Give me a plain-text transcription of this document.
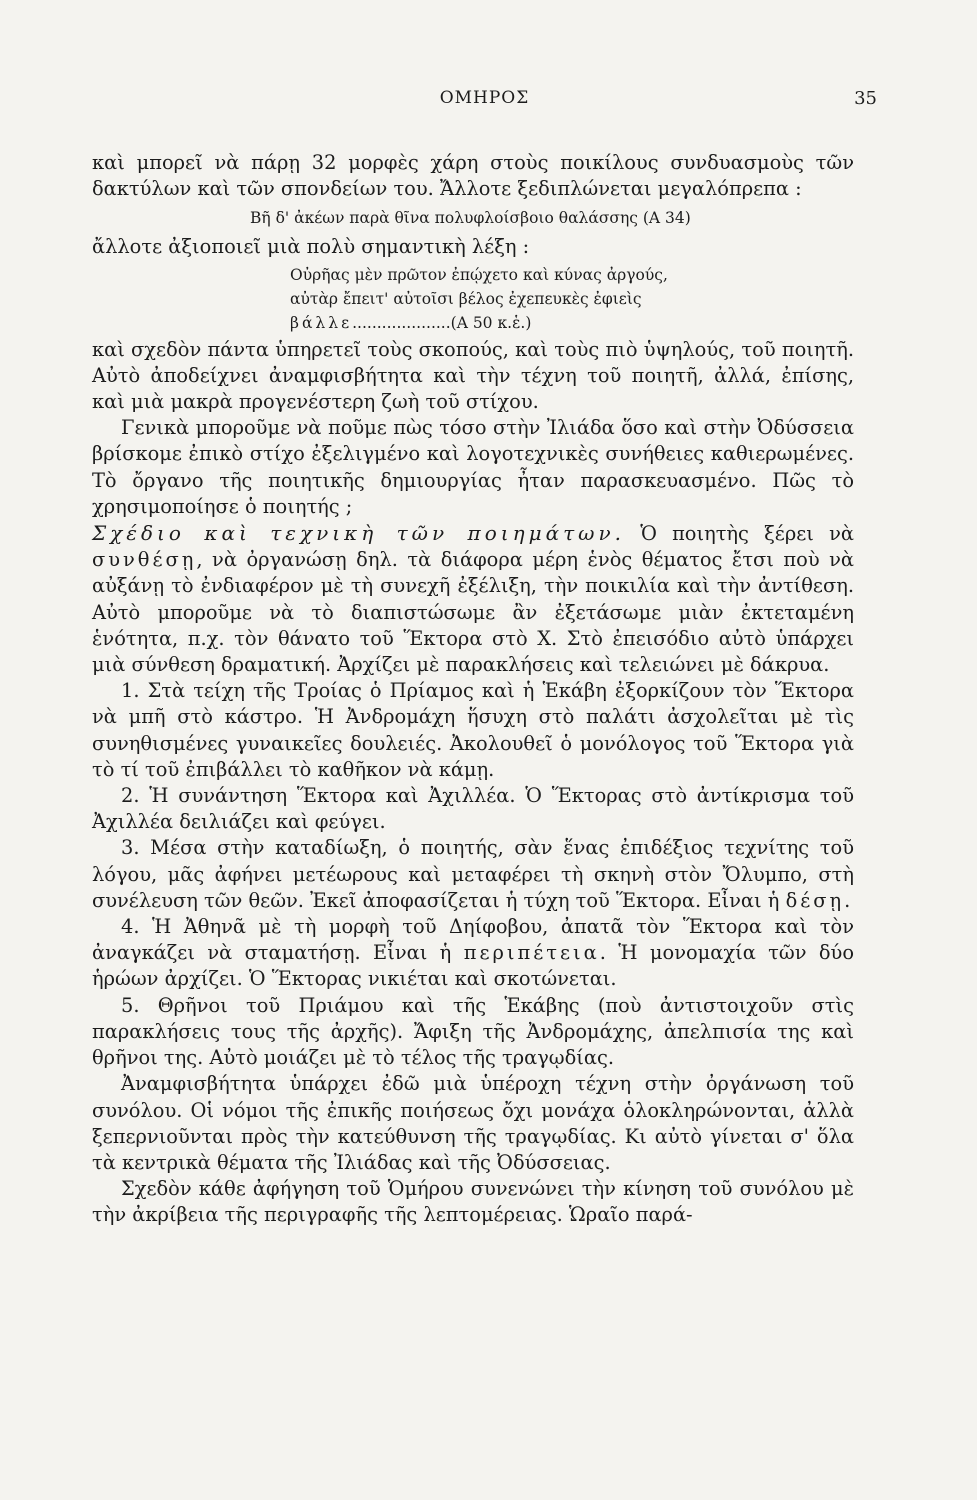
ΟΜΗΡΟΣ	35

καὶ μπορεῖ νὰ πάρῃ 32 μορφὲς χάρη στοὺς ποικίλους συνδυασμοὺς τῶν δακτύλων καὶ τῶν σπονδείων του. Ἄλλοτε ξεδιπλώνεται μεγαλόπρεπα :

Βῆ δ' ἀκέων παρὰ θῖνα πολυφλοίσβοιο θαλάσσης (Α 34)

ἄλλοτε ἀξιοποιεῖ μιὰ πολὺ σημαντικὴ λέξη :

Οὐρῆας μὲν πρῶτον ἐπῴχετο καὶ κύνας ἀργούς,
αὐτὰρ ἔπειτ' αὐτοῖσι βέλος ἐχεπευκὲς ἐφιεὶς
βάλλε....................(Α 50 κ.ἑ.)

καὶ σχεδὸν πάντα ὑπηρετεῖ τοὺς σκοπούς, καὶ τοὺς πιὸ ὑψηλούς, τοῦ ποιητῆ. Αὐτὸ ἀποδείχνει ἀναμφισβήτητα καὶ τὴν τέχνη τοῦ ποιητῆ, ἀλλά, ἐπίσης, καὶ μιὰ μακρὰ προγενέστερη ζωὴ τοῦ στίχου.

Γενικὰ μποροῦμε νὰ ποῦμε πὼς τόσο στὴν Ἰλιάδα ὅσο καὶ στὴν Ὀδύσσεια βρίσκομε ἐπικὸ στίχο ἐξελιγμένο καὶ λογοτεχνικὲς συνήθειες καθιερωμένες. Τὸ ὄργανο τῆς ποιητικῆς δημιουργίας ἦταν παρασκευασμένο. Πῶς τὸ χρησιμοποίησε ὁ ποιητής ;

Σχέδιο καὶ τεχνικὴ τῶν ποιημάτων. Ὁ ποιητὴς ξέρει νὰ συνθέσῃ, νὰ ὀργανώσῃ δηλ. τὰ διάφορα μέρη ἑνὸς θέματος ἔτσι ποὺ νὰ αὐξάνῃ τὸ ἐνδιαφέρον μὲ τὴ συνεχῆ ἐξέλιξη, τὴν ποικιλία καὶ τὴν ἀντίθεση. Αὐτὸ μποροῦμε νὰ τὸ διαπιστώσωμε ἂν ἐξετάσωμε μιὰν ἐκτεταμένη ἑνότητα, π.χ. τὸν θάνατο τοῦ Ἕκτορα στὸ Χ. Στὸ ἐπεισόδιο αὐτὸ ὑπάρχει μιὰ σύνθεση δραματική. Ἀρχίζει μὲ παρακλήσεις καὶ τελειώνει μὲ δάκρυα.

1. Στὰ τείχη τῆς Τροίας ὁ Πρίαμος καὶ ἡ Ἑκάβη ἐξορκίζουν τὸν Ἕκτορα νὰ μπῆ στὸ κάστρο. Ἡ Ἀνδρομάχη ἥσυχη στὸ παλάτι ἀσχολεῖται μὲ τὶς συνηθισμένες γυναικεῖες δουλειές. Ἀκολουθεῖ ὁ μονόλογος τοῦ Ἕκτορα γιὰ τὸ τί τοῦ ἐπιβάλλει τὸ καθῆκον νὰ κάμῃ.

2. Ἡ συνάντηση Ἕκτορα καὶ Ἀχιλλέα. Ὁ Ἕκτορας στὸ ἀντίκρισμα τοῦ Ἀχιλλέα δειλιάζει καὶ φεύγει.

3. Μέσα στὴν καταδίωξη, ὁ ποιητής, σὰν ἕνας ἐπιδέξιος τεχνίτης τοῦ λόγου, μᾶς ἀφήνει μετέωρους καὶ μεταφέρει τὴ σκηνὴ στὸν Ὄλυμπο, στὴ συνέλευση τῶν θεῶν. Ἐκεῖ ἀποφασίζεται ἡ τύχη τοῦ Ἕκτορα. Εἶναι ἡ δέσῃ.

4. Ἡ Ἀθηνᾶ μὲ τὴ μορφὴ τοῦ Δηίφοβου, ἀπατᾶ τὸν Ἕκτορα καὶ τὸν ἀναγκάζει νὰ σταματήσῃ. Εἶναι ἡ περιπέτεια. Ἡ μονομαχία τῶν δύο ἡρώων ἀρχίζει. Ὁ Ἕκτορας νικιέται καὶ σκοτώνεται.

5. Θρῆνοι τοῦ Πριάμου καὶ τῆς Ἑκάβης (ποὺ ἀντιστοιχοῦν στὶς παρακλήσεις τους τῆς ἀρχῆς). Ἄφιξη τῆς Ἀνδρομάχης, ἀπελπισία της καὶ θρῆνοι της. Αὐτὸ μοιάζει μὲ τὸ τέλος τῆς τραγῳδίας.

Ἀναμφισβήτητα ὑπάρχει ἐδῶ μιὰ ὑπέροχη τέχνη στὴν ὀργάνωση τοῦ συνόλου. Οἱ νόμοι τῆς ἐπικῆς ποιήσεως ὄχι μονάχα ὁλοκληρώνονται, ἀλλὰ ξεπερνιοῦνται πρὸς τὴν κατεύθυνση τῆς τραγῳδίας. Κι αὐτὸ γίνεται σ' ὅλα τὰ κεντρικὰ θέματα τῆς Ἰλιάδας καὶ τῆς Ὀδύσσειας.

Σχεδὸν κάθε ἀφήγηση τοῦ Ὁμήρου συνενώνει τὴν κίνηση τοῦ συνόλου μὲ τὴν ἀκρίβεια τῆς περιγραφῆς τῆς λεπτομέρειας. Ὡραῖο παρά-
